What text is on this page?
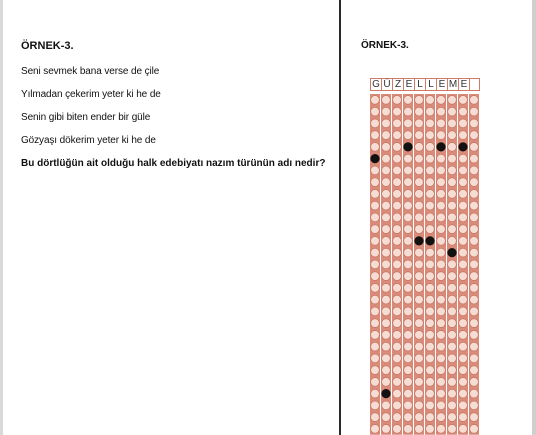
ÖRNEK-3.
Seni sevmek bana verse de çile
Yılmadan çekerim yeter ki he de
Senin gibi biten ender bir güle
Gözyaşı dökerim yeter ki he de
Bu dörtlüğün ait olduğu halk edebiyatı nazım türünün adı nedir?
ÖRNEK-3.
G Ü Z E L L E M E
